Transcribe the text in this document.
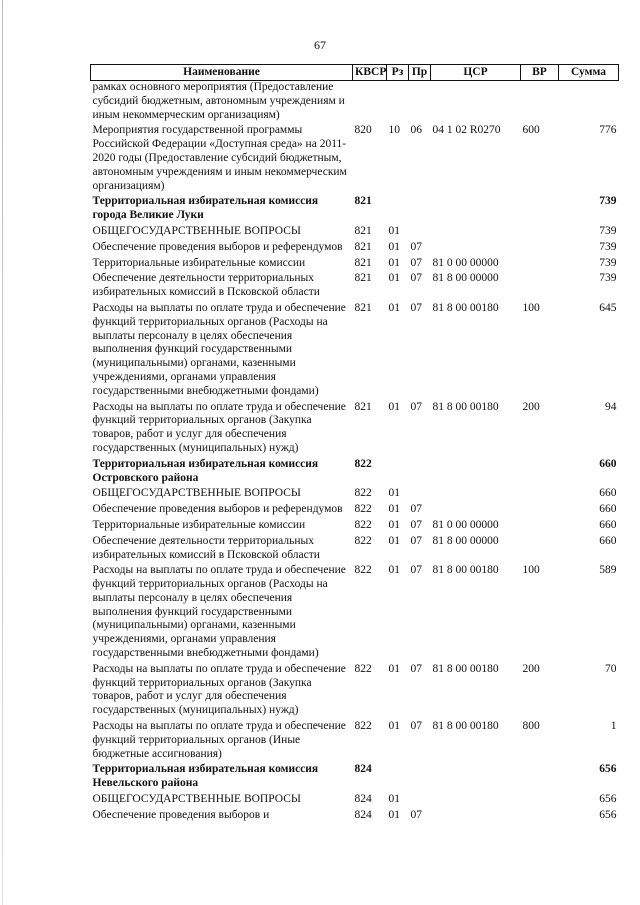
67
Наименование	КВСР	Рз	Пр	ЦСР	ВР	Сумма
рамках основного мероприятия (Предоставление субсидий бюджетным, автономным учреждениям и иным некоммерческим организациям)						
Мероприятия государственной программы Российской Федерации «Доступная среда» на 2011-2020 годы (Предоставление субсидий бюджетным, автономным учреждениям и иным некоммерческим организациям)	820	10	06	04 1 02 R0270	600	776
Территориальная избирательная комиссия города Великие Луки	821					739
ОБЩЕГОСУДАРСТВЕННЫЕ ВОПРОСЫ	821	01				739
Обеспечение проведения выборов и референдумов	821	01	07			739
Территориальные избирательные комиссии	821	01	07	81 0 00 00000		739
Обеспечение деятельности территориальных избирательных комиссий в Псковской области	821	01	07	81 8 00 00000		739
Расходы на выплаты по оплате труда и обеспечение функций территориальных органов (Расходы на выплаты персоналу в целях обеспечения выполнения функций государственными (муниципальными) органами, казенными учреждениями, органами управления государственными внебюджетными фондами)	821	01	07	81 8 00 00180	100	645
Расходы на выплаты по оплате труда и обеспечение функций территориальных органов (Закупка товаров, работ и услуг для обеспечения государственных (муниципальных) нужд)	821	01	07	81 8 00 00180	200	94
Территориальная избирательная комиссия Островского района	822					660
ОБЩЕГОСУДАРСТВЕННЫЕ ВОПРОСЫ	822	01				660
Обеспечение проведения выборов и референдумов	822	01	07			660
Территориальные избирательные комиссии	822	01	07	81 0 00 00000		660
Обеспечение деятельности территориальных избирательных комиссий в Псковской области	822	01	07	81 8 00 00000		660
Расходы на выплаты по оплате труда и обеспечение функций территориальных органов (Расходы на выплаты персоналу в целях обеспечения выполнения функций государственными (муниципальными) органами, казенными учреждениями, органами управления государственными внебюджетными фондами)	822	01	07	81 8 00 00180	100	589
Расходы на выплаты по оплате труда и обеспечение функций территориальных органов (Закупка товаров, работ и услуг для обеспечения государственных (муниципальных) нужд)	822	01	07	81 8 00 00180	200	70
Расходы на выплаты по оплате труда и обеспечение функций территориальных органов (Иные бюджетные ассигнования)	822	01	07	81 8 00 00180	800	1
Территориальная избирательная комиссия Невельского района	824					656
ОБЩЕГОСУДАРСТВЕННЫЕ ВОПРОСЫ	824	01				656
Обеспечение проведения выборов и	824	01	07			656
